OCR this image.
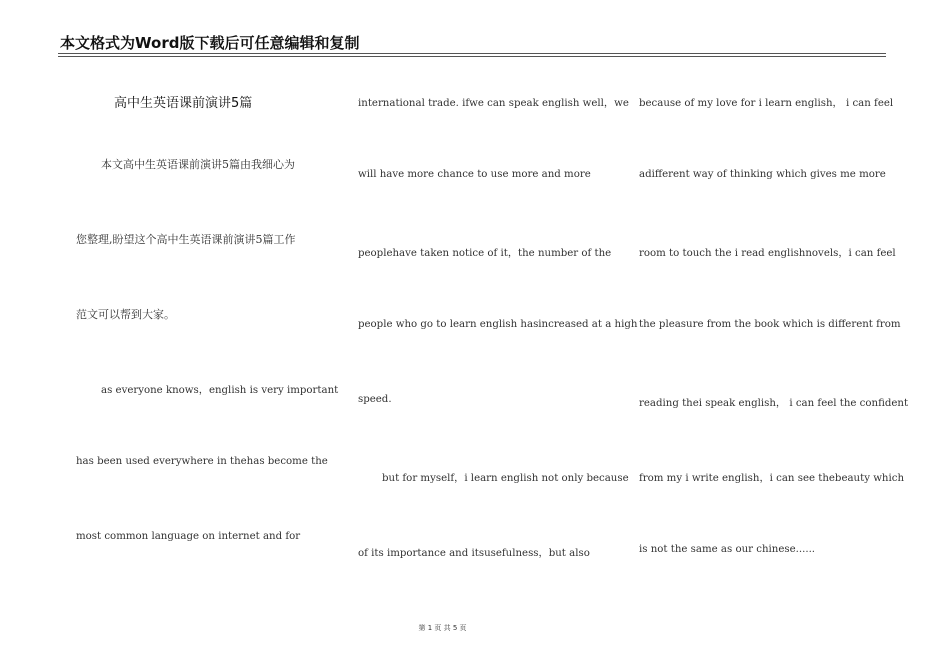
本文格式为Word版下载后可任意编辑和复制
高中生英语课前演讲5篇
本文高中生英语课前演讲5篇由我细心为
您整理,盼望这个高中生英语课前演讲5篇工作
范文可以帮到大家。
as everyone knows，english is very important
has been used everywhere in thehas become the
most common language on internet and for
international trade. ifwe can speak english well，we
will have more chance to use more and more
peoplehave taken notice of it，the number of the
people who go to learn english hasincreased at a high
speed.
but for myself，i learn english not only because
of its importance and itsusefulness，but also
because of my love for i learn english， i can feel
adifferent way of thinking which gives me more
room to touch the i read englishnovels，i can feel
the pleasure from the book which is different from
reading thei speak english， i can feel the confident
from my i write english，i can see thebeauty which
is not the same as our chinese......
第 1 页 共 5 页
